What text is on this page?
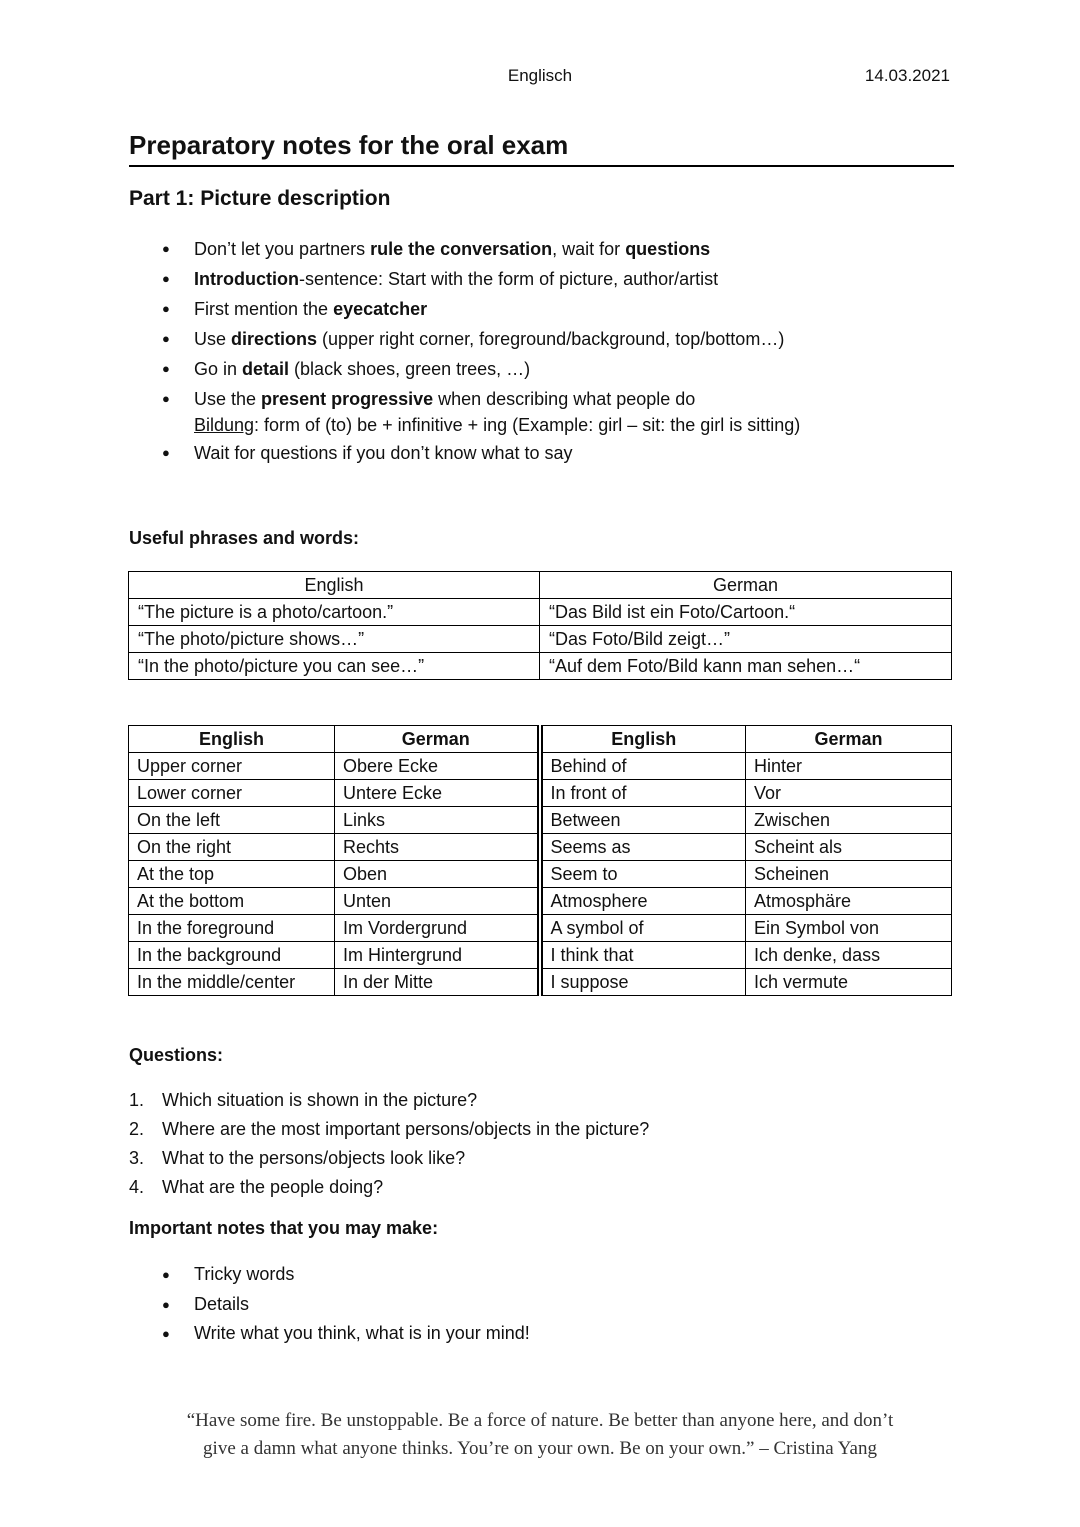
Englisch	14.03.2021
Preparatory notes for the oral exam
Part 1: Picture description
● Don’t let you partners rule the conversation, wait for questions
● Introduction-sentence: Start with the form of picture, author/artist
● First mention the eyecatcher
● Use directions (upper right corner, foreground/background, top/bottom…)
● Go in detail (black shoes, green trees, …)
● Use the present progressive when describing what people do
Bildung: form of (to) be + infinitive + ing (Example: girl – sit: the girl is sitting)
● Wait for questions if you don’t know what to say
Useful phrases and words:
English	German
“The picture is a photo/cartoon.”	“Das Bild ist ein Foto/Cartoon.“
“The photo/picture shows…”	“Das Foto/Bild zeigt…”
“In the photo/picture you can see…”	“Auf dem Foto/Bild kann man sehen…“
English	German	English	German
Upper corner	Obere Ecke	Behind of	Hinter
Lower corner	Untere Ecke	In front of	Vor
On the left	Links	Between	Zwischen
On the right	Rechts	Seems as	Scheint als
At the top	Oben	Seem to	Scheinen
At the bottom	Unten	Atmosphere	Atmosphäre
In the foreground	Im Vordergrund	A symbol of	Ein Symbol von
In the background	Im Hintergrund	I think that	Ich denke, dass
In the middle/center	In der Mitte	I suppose	Ich vermute
Questions:
1. Which situation is shown in the picture?
2. Where are the most important persons/objects in the picture?
3. What to the persons/objects look like?
4. What are the people doing?
Important notes that you may make:
● Tricky words
● Details
● Write what you think, what is in your mind!
“Have some fire. Be unstoppable. Be a force of nature. Be better than anyone here, and don’t
give a damn what anyone thinks. You’re on your own. Be on your own.” – Cristina Yang
